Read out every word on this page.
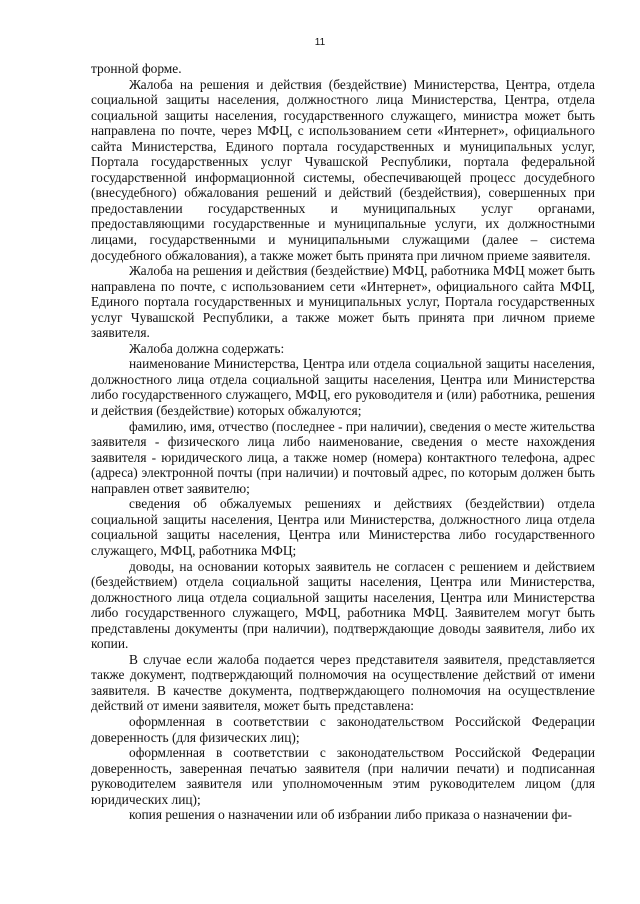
11

тронной форме.

Жалоба на решения и действия (бездействие) Министерства, Центра, отдела социальной защиты населения, должностного лица Министерства, Центра, отдела социальной защиты населения, государственного служащего, министра может быть направлена по почте, через МФЦ, с использованием сети «Интернет», официального сайта Министерства, Единого портала государственных и муниципальных услуг, Портала государственных услуг Чувашской Республики, портала федеральной государственной информационной системы, обеспечивающей процесс досудебного (внесудебного) обжалования решений и действий (бездействия), совершенных при предоставлении государственных и муниципальных услуг органами, предоставляющими государственные и муниципальные услуги, их должностными лицами, государственными и муниципальными служащими (далее – система досудебного обжалования), а также может быть принята при личном приеме заявителя.

Жалоба на решения и действия (бездействие) МФЦ, работника МФЦ может быть направлена по почте, с использованием сети «Интернет», официального сайта МФЦ, Единого портала государственных и муниципальных услуг, Портала государственных услуг Чувашской Республики, а также может быть принята при личном приеме заявителя.

Жалоба должна содержать:

наименование Министерства, Центра или отдела социальной защиты населения, должностного лица отдела социальной защиты населения, Центра или Министерства либо государственного служащего, МФЦ, его руководителя и (или) работника, решения и действия (бездействие) которых обжалуются;

фамилию, имя, отчество (последнее - при наличии), сведения о месте жительства заявителя - физического лица либо наименование, сведения о месте нахождения заявителя - юридического лица, а также номер (номера) контактного телефона, адрес (адреса) электронной почты (при наличии) и почтовый адрес, по которым должен быть направлен ответ заявителю;

сведения об обжалуемых решениях и действиях (бездействии) отдела социальной защиты населения, Центра или Министерства, должностного лица отдела социальной защиты населения, Центра или Министерства либо государственного служащего, МФЦ, работника МФЦ;

доводы, на основании которых заявитель не согласен с решением и действием (бездействием) отдела социальной защиты населения, Центра или Министерства, должностного лица отдела социальной защиты населения, Центра или Министерства либо государственного служащего, МФЦ, работника МФЦ. Заявителем могут быть представлены документы (при наличии), подтверждающие доводы заявителя, либо их копии.

В случае если жалоба подается через представителя заявителя, представляется также документ, подтверждающий полномочия на осуществление действий от имени заявителя. В качестве документа, подтверждающего полномочия на осуществление действий от имени заявителя, может быть представлена:

оформленная в соответствии с законодательством Российской Федерации доверенность (для физических лиц);

оформленная в соответствии с законодательством Российской Федерации доверенность, заверенная печатью заявителя (при наличии печати) и подписанная руководителем заявителя или уполномоченным этим руководителем лицом (для юридических лиц);

копия решения о назначении или об избрании либо приказа о назначении фи-
